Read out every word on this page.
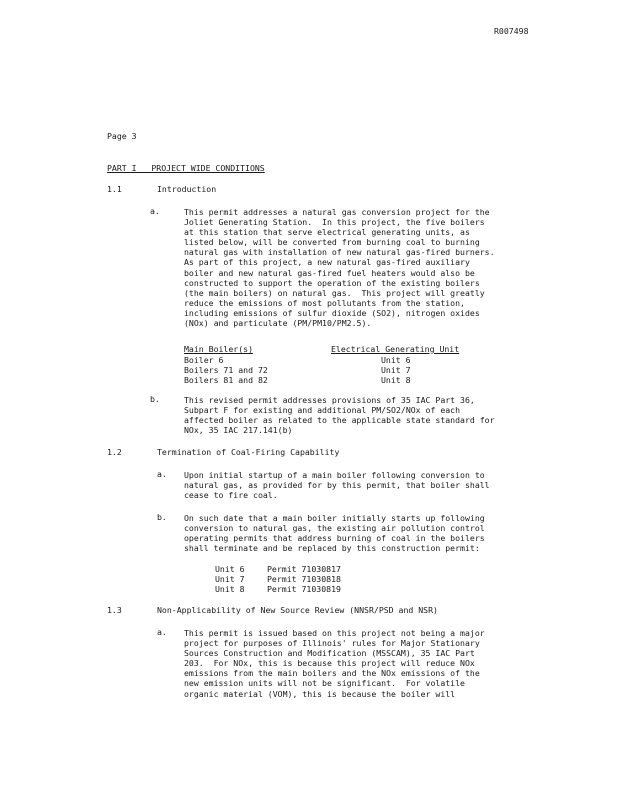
R007498
Page 3
PART I   PROJECT WIDE CONDITIONS
1.1	Introduction
a.	This permit addresses a natural gas conversion project for the
Joliet Generating Station.  In this project, the five boilers
at this station that serve electrical generating units, as
listed below, will be converted from burning coal to burning
natural gas with installation of new natural gas-fired burners.
As part of this project, a new natural gas-fired auxiliary
boiler and new natural gas-fired fuel heaters would also be
constructed to support the operation of the existing boilers
(the main boilers) on natural gas.  This project will greatly
reduce the emissions of most pollutants from the station,
including emissions of sulfur dioxide (SO2), nitrogen oxides
(NOx) and particulate (PM/PM10/PM2.5).
Main Boiler(s)	Electrical Generating Unit
Boiler 6	Unit 6
Boilers 71 and 72	Unit 7
Boilers 81 and 82	Unit 8
b.	This revised permit addresses provisions of 35 IAC Part 36,
Subpart F for existing and additional PM/SO2/NOx of each
affected boiler as related to the applicable state standard for
NOx, 35 IAC 217.141(b)
1.2	Termination of Coal-Firing Capability
a. Upon initial startup of a main boiler following conversion to
natural gas, as provided for by this permit, that boiler shall
cease to fire coal.
b. On such date that a main boiler initially starts up following
conversion to natural gas, the existing air pollution control
operating permits that address burning of coal in the boilers
shall terminate and be replaced by this construction permit:
Unit 6	Permit 71030817
Unit 7	Permit 71030818
Unit 8	Permit 71030819
1.3	Non-Applicability of New Source Review (NNSR/PSD and NSR)
a. This permit is issued based on this project not being a major
project for purposes of Illinois' rules for Major Stationary
Sources Construction and Modification (MSSCAM), 35 IAC Part
203.  For NOx, this is because this project will reduce NOx
emissions from the main boilers and the NOx emissions of the
new emission units will not be significant.  For volatile
organic material (VOM), this is because the boiler will
